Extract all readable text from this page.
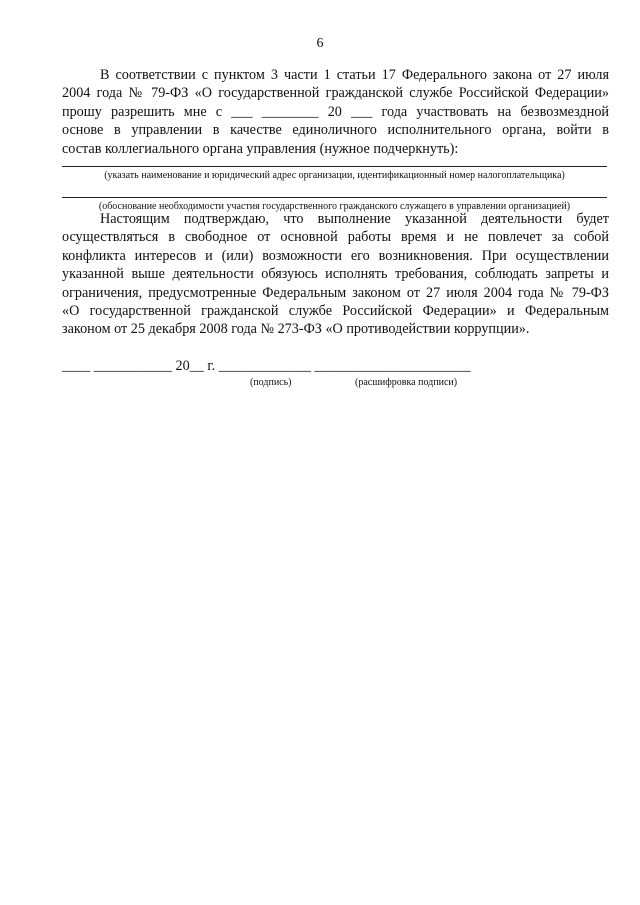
6
В соответствии с пунктом 3 части 1 статьи 17 Федерального закона от 27 июля
2004 года № 79-ФЗ «О государственной гражданской службе Российской Федерации»
прошу разрешить мне с ___ ________ 20 ___ года участвовать на безвозмездной
основе в управлении в качестве единоличного исполнительного органа, войти в
состав коллегиального органа управления (нужное подчеркнуть):
(указать наименование и юридический адрес организации, идентификационный номер налогоплательщика)
(обоснование необходимости участия государственного гражданского служащего в управлении организацией)
Настоящим подтверждаю, что выполнение указанной деятельности будет
осуществляться в свободное от основной работы время и не повлечет за собой
конфликта интересов и (или) возможности его возникновения. При осуществлении
указанной выше деятельности обязуюсь исполнять требования, соблюдать запреты и
ограничения, предусмотренные Федеральным законом от 27 июля 2004 года № 79-ФЗ
«О государственной гражданской службе Российской Федерации» и Федеральным
законом от 25 декабря 2008 года № 273-ФЗ «О противодействии коррупции».
____ ___________ 20__ г. _____________ ______________________
(подпись)	(расшифровка подписи)
